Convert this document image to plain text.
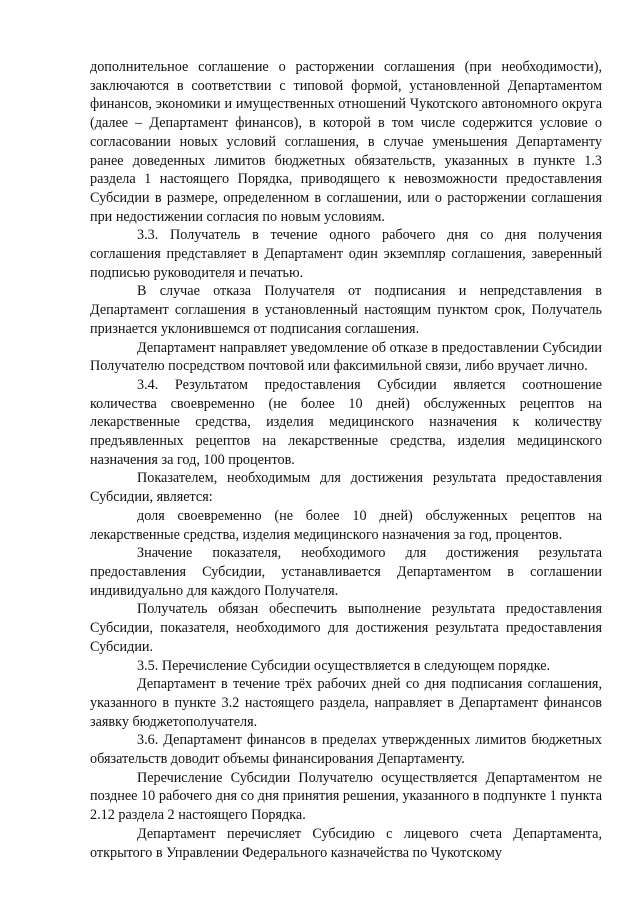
дополнительное соглашение о расторжении соглашения (при необходимости), заключаются в соответствии с типовой формой, установленной Департаментом финансов, экономики и имущественных отношений Чукотского автономного округа (далее – Департамент финансов), в которой в том числе содержится условие о согласовании новых условий соглашения, в случае уменьшения Департаменту ранее доведенных лимитов бюджетных обязательств, указанных в пункте 1.3 раздела 1 настоящего Порядка, приводящего к невозможности предоставления Субсидии в размере, определенном в соглашении, или о расторжении соглашения при недостижении согласия по новым условиям.

3.3. Получатель в течение одного рабочего дня со дня получения соглашения представляет в Департамент один экземпляр соглашения, заверенный подписью руководителя и печатью.

В случае отказа Получателя от подписания и непредставления в Департамент соглашения в установленный настоящим пунктом срок, Получатель признается уклонившемся от подписания соглашения.

Департамент направляет уведомление об отказе в предоставлении Субсидии Получателю посредством почтовой или факсимильной связи, либо вручает лично.

3.4. Результатом предоставления Субсидии является соотношение количества своевременно (не более 10 дней) обслуженных рецептов на лекарственные средства, изделия медицинского назначения к количеству предъявленных рецептов на лекарственные средства, изделия медицинского назначения за год, 100 процентов.

Показателем, необходимым для достижения результата предоставления Субсидии, является:

доля своевременно (не более 10 дней) обслуженных рецептов на лекарственные средства, изделия медицинского назначения за год, процентов.

Значение показателя, необходимого для достижения результата предоставления Субсидии, устанавливается Департаментом в соглашении индивидуально для каждого Получателя.

Получатель обязан обеспечить выполнение результата предоставления Субсидии, показателя, необходимого для достижения результата предоставления Субсидии.

3.5. Перечисление Субсидии осуществляется в следующем порядке.

Департамент в течение трёх рабочих дней со дня подписания соглашения, указанного в пункте 3.2 настоящего раздела, направляет в Департамент финансов заявку бюджетополучателя.

3.6. Департамент финансов в пределах утвержденных лимитов бюджетных обязательств доводит объемы финансирования Департаменту.

Перечисление Субсидии Получателю осуществляется Департаментом не позднее 10 рабочего дня со дня принятия решения, указанного в подпункте 1 пункта 2.12 раздела 2 настоящего Порядка.

Департамент перечисляет Субсидию с лицевого счета Департамента, открытого в Управлении Федерального казначейства по Чукотскому
